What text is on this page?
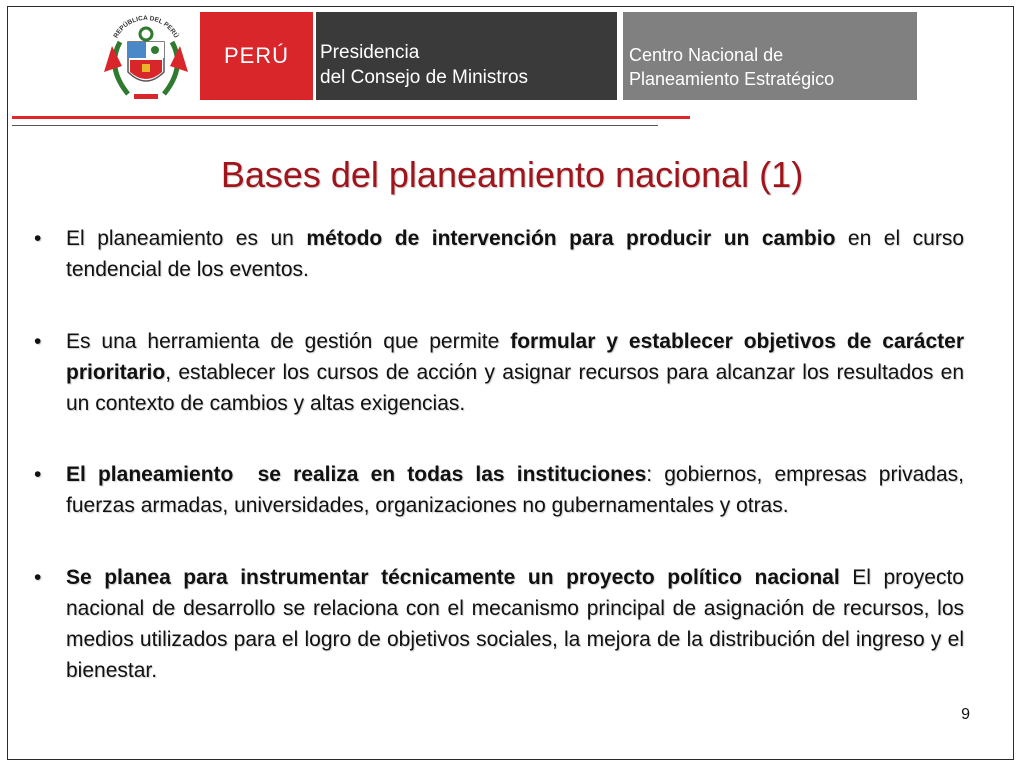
REPÚBLICA DEL PERÚ
PERÚ Presidencia
del Consejo de Ministros
Centro Nacional de
Planeamiento Estratégico
Bases del planeamiento nacional (1)
• El planeamiento es un método de intervención para producir un cambio en el curso tendencial de los eventos.
• Es una herramienta de gestión que permite formular y establecer objetivos de carácter prioritario, establecer los cursos de acción y asignar recursos para alcanzar los resultados en un contexto de cambios y altas exigencias.
• El planeamiento  se realiza en todas las instituciones: gobiernos, empresas privadas, fuerzas armadas, universidades, organizaciones no gubernamentales y otras.
• Se planea para instrumentar técnicamente un proyecto político nacional El proyecto nacional de desarrollo se relaciona con el mecanismo principal de asignación de recursos, los medios utilizados para el logro de objetivos sociales, la mejora de la distribución del ingreso y el bienestar.
9
